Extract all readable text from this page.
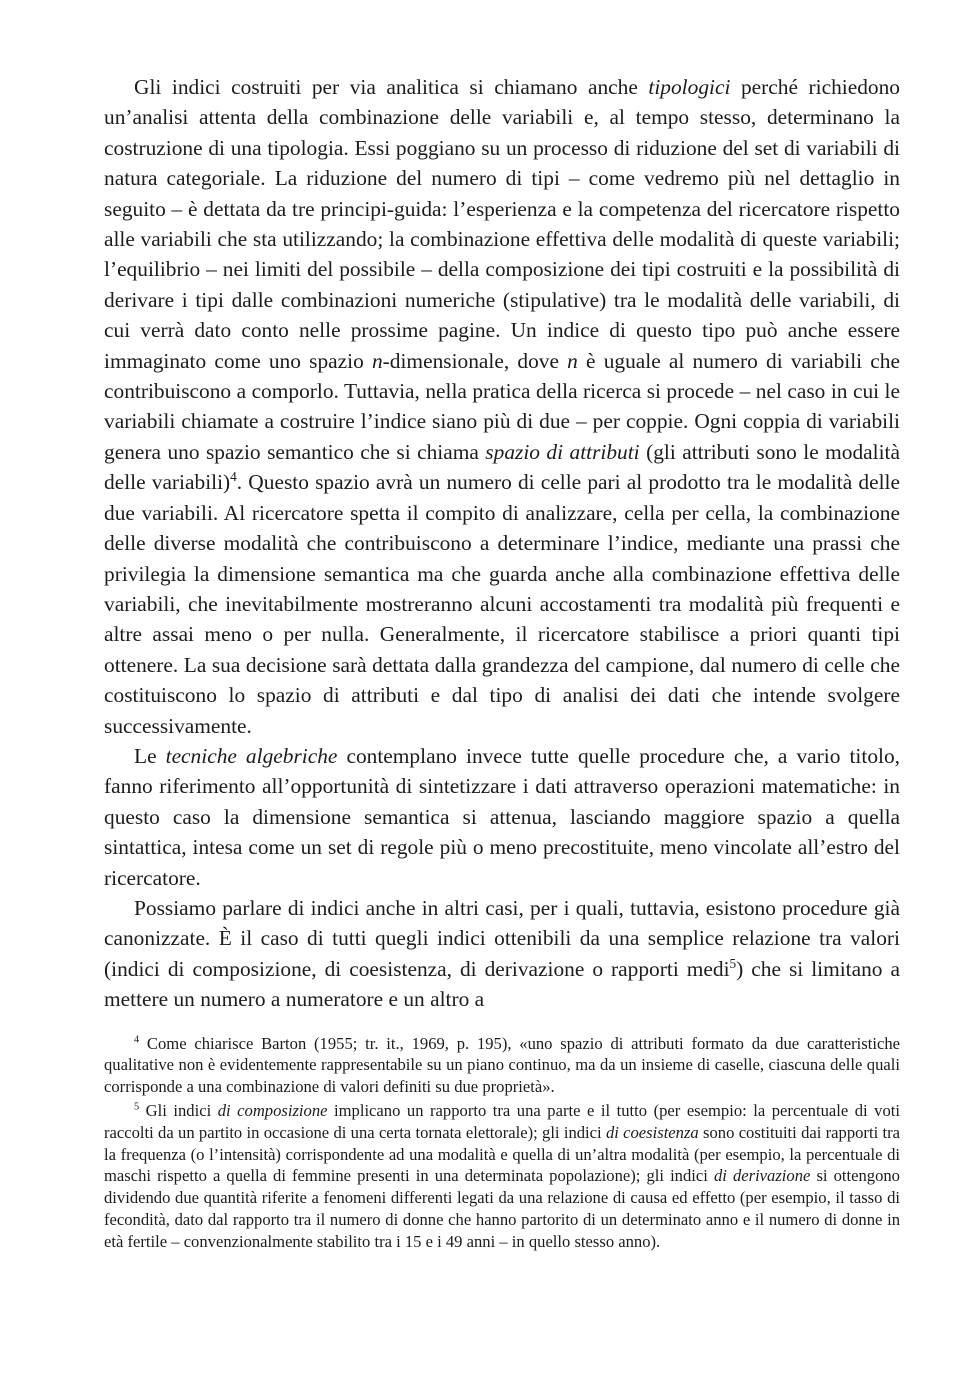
Gli indici costruiti per via analitica si chiamano anche tipologici perché richiedono un’analisi attenta della combinazione delle variabili e, al tempo stesso, determinano la costruzione di una tipologia. Essi poggiano su un processo di riduzione del set di variabili di natura categoriale. La riduzione del numero di tipi – come vedremo più nel dettaglio in seguito – è dettata da tre principi-guida: l’esperienza e la competenza del ricercatore rispetto alle variabili che sta utilizzando; la combinazione effettiva delle modalità di queste variabili; l’equilibrio – nei limiti del possibile – della composizione dei tipi costruiti e la possibilità di derivare i tipi dalle combinazioni numeriche (stipulative) tra le modalità delle variabili, di cui verrà dato conto nelle prossime pagine. Un indice di questo tipo può anche essere immaginato come uno spazio n-dimensionale, dove n è uguale al numero di variabili che contribuiscono a comporlo. Tuttavia, nella pratica della ricerca si procede – nel caso in cui le variabili chiamate a costruire l’indice siano più di due – per coppie. Ogni coppia di variabili genera uno spazio semantico che si chiama spazio di attributi (gli attributi sono le modalità delle variabili)$^4$. Questo spazio avrà un numero di celle pari al prodotto tra le modalità delle due variabili. Al ricercatore spetta il compito di analizzare, cella per cella, la combinazione delle diverse modalità che contribuiscono a determinare l’indice, mediante una prassi che privilegia la dimensione semantica ma che guarda anche alla combinazione effettiva delle variabili, che inevitabilmente mostreranno alcuni accostamenti tra modalità più frequenti e altre assai meno o per nulla. Generalmente, il ricercatore stabilisce a priori quanti tipi ottenere. La sua decisione sarà dettata dalla grandezza del campione, dal numero di celle che costituiscono lo spazio di attributi e dal tipo di analisi dei dati che intende svolgere successivamente.

Le tecniche algebriche contemplano invece tutte quelle procedure che, a vario titolo, fanno riferimento all’opportunità di sintetizzare i dati attraverso operazioni matematiche: in questo caso la dimensione semantica si attenua, lasciando maggiore spazio a quella sintattica, intesa come un set di regole più o meno precostituite, meno vincolate all’estro del ricercatore.

Possiamo parlare di indici anche in altri casi, per i quali, tuttavia, esistono procedure già canonizzate. È il caso di tutti quegli indici ottenibili da una semplice relazione tra valori (indici di composizione, di coesistenza, di derivazione o rapporti medi$^5$) che si limitano a mettere un numero a numeratore e un altro a

$^4$ Come chiarisce Barton (1955; tr. it., 1969, p. 195), «uno spazio di attributi formato da due caratteristiche qualitative non è evidentemente rappresentabile su un piano continuo, ma da un insieme di caselle, ciascuna delle quali corrisponde a una combinazione di valori definiti su due proprietà».

$^5$ Gli indici di composizione implicano un rapporto tra una parte e il tutto (per esempio: la percentuale di voti raccolti da un partito in occasione di una certa tornata elettorale); gli indici di coesistenza sono costituiti dai rapporti tra la frequenza (o l’intensità) corrispondente ad una modalità e quella di un’altra modalità (per esempio, la percentuale di maschi rispetto a quella di femmine presenti in una determinata popolazione); gli indici di derivazione si ottengono dividendo due quantità riferite a fenomeni differenti legati da una relazione di causa ed effetto (per esempio, il tasso di fecondità, dato dal rapporto tra il numero di donne che hanno partorito di un determinato anno e il numero di donne in età fertile – convenzionalmente stabilito tra i 15 e i 49 anni – in quello stesso anno).
